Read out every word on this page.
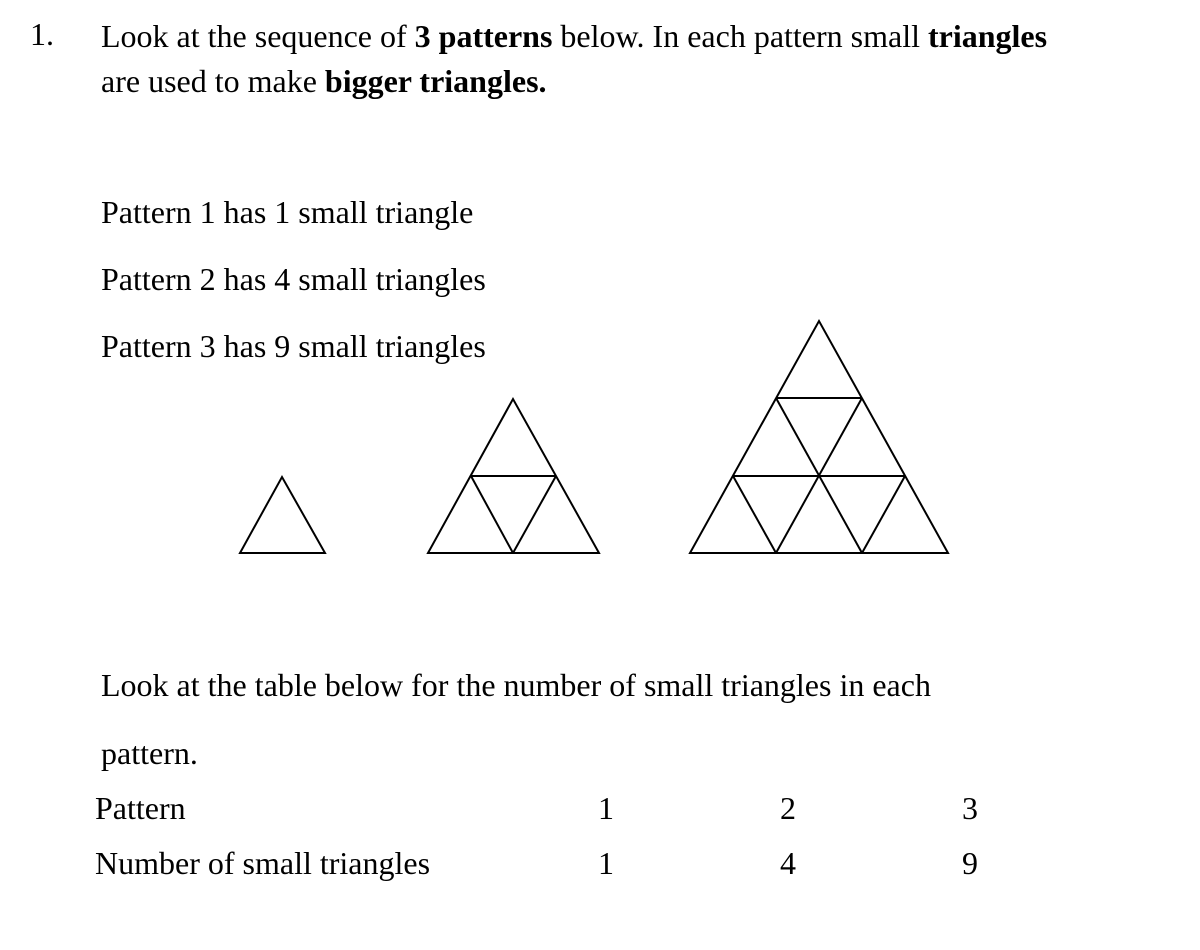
1. Look at the sequence of 3 patterns below. In each pattern small triangles
are used to make bigger triangles.
Pattern 1 has 1 small triangle
Pattern 2 has 4 small triangles
Pattern 3 has 9 small triangles
Look at the table below for the number of small triangles in each
pattern.
Pattern	1	2	3
Number of small triangles	1	4	9
